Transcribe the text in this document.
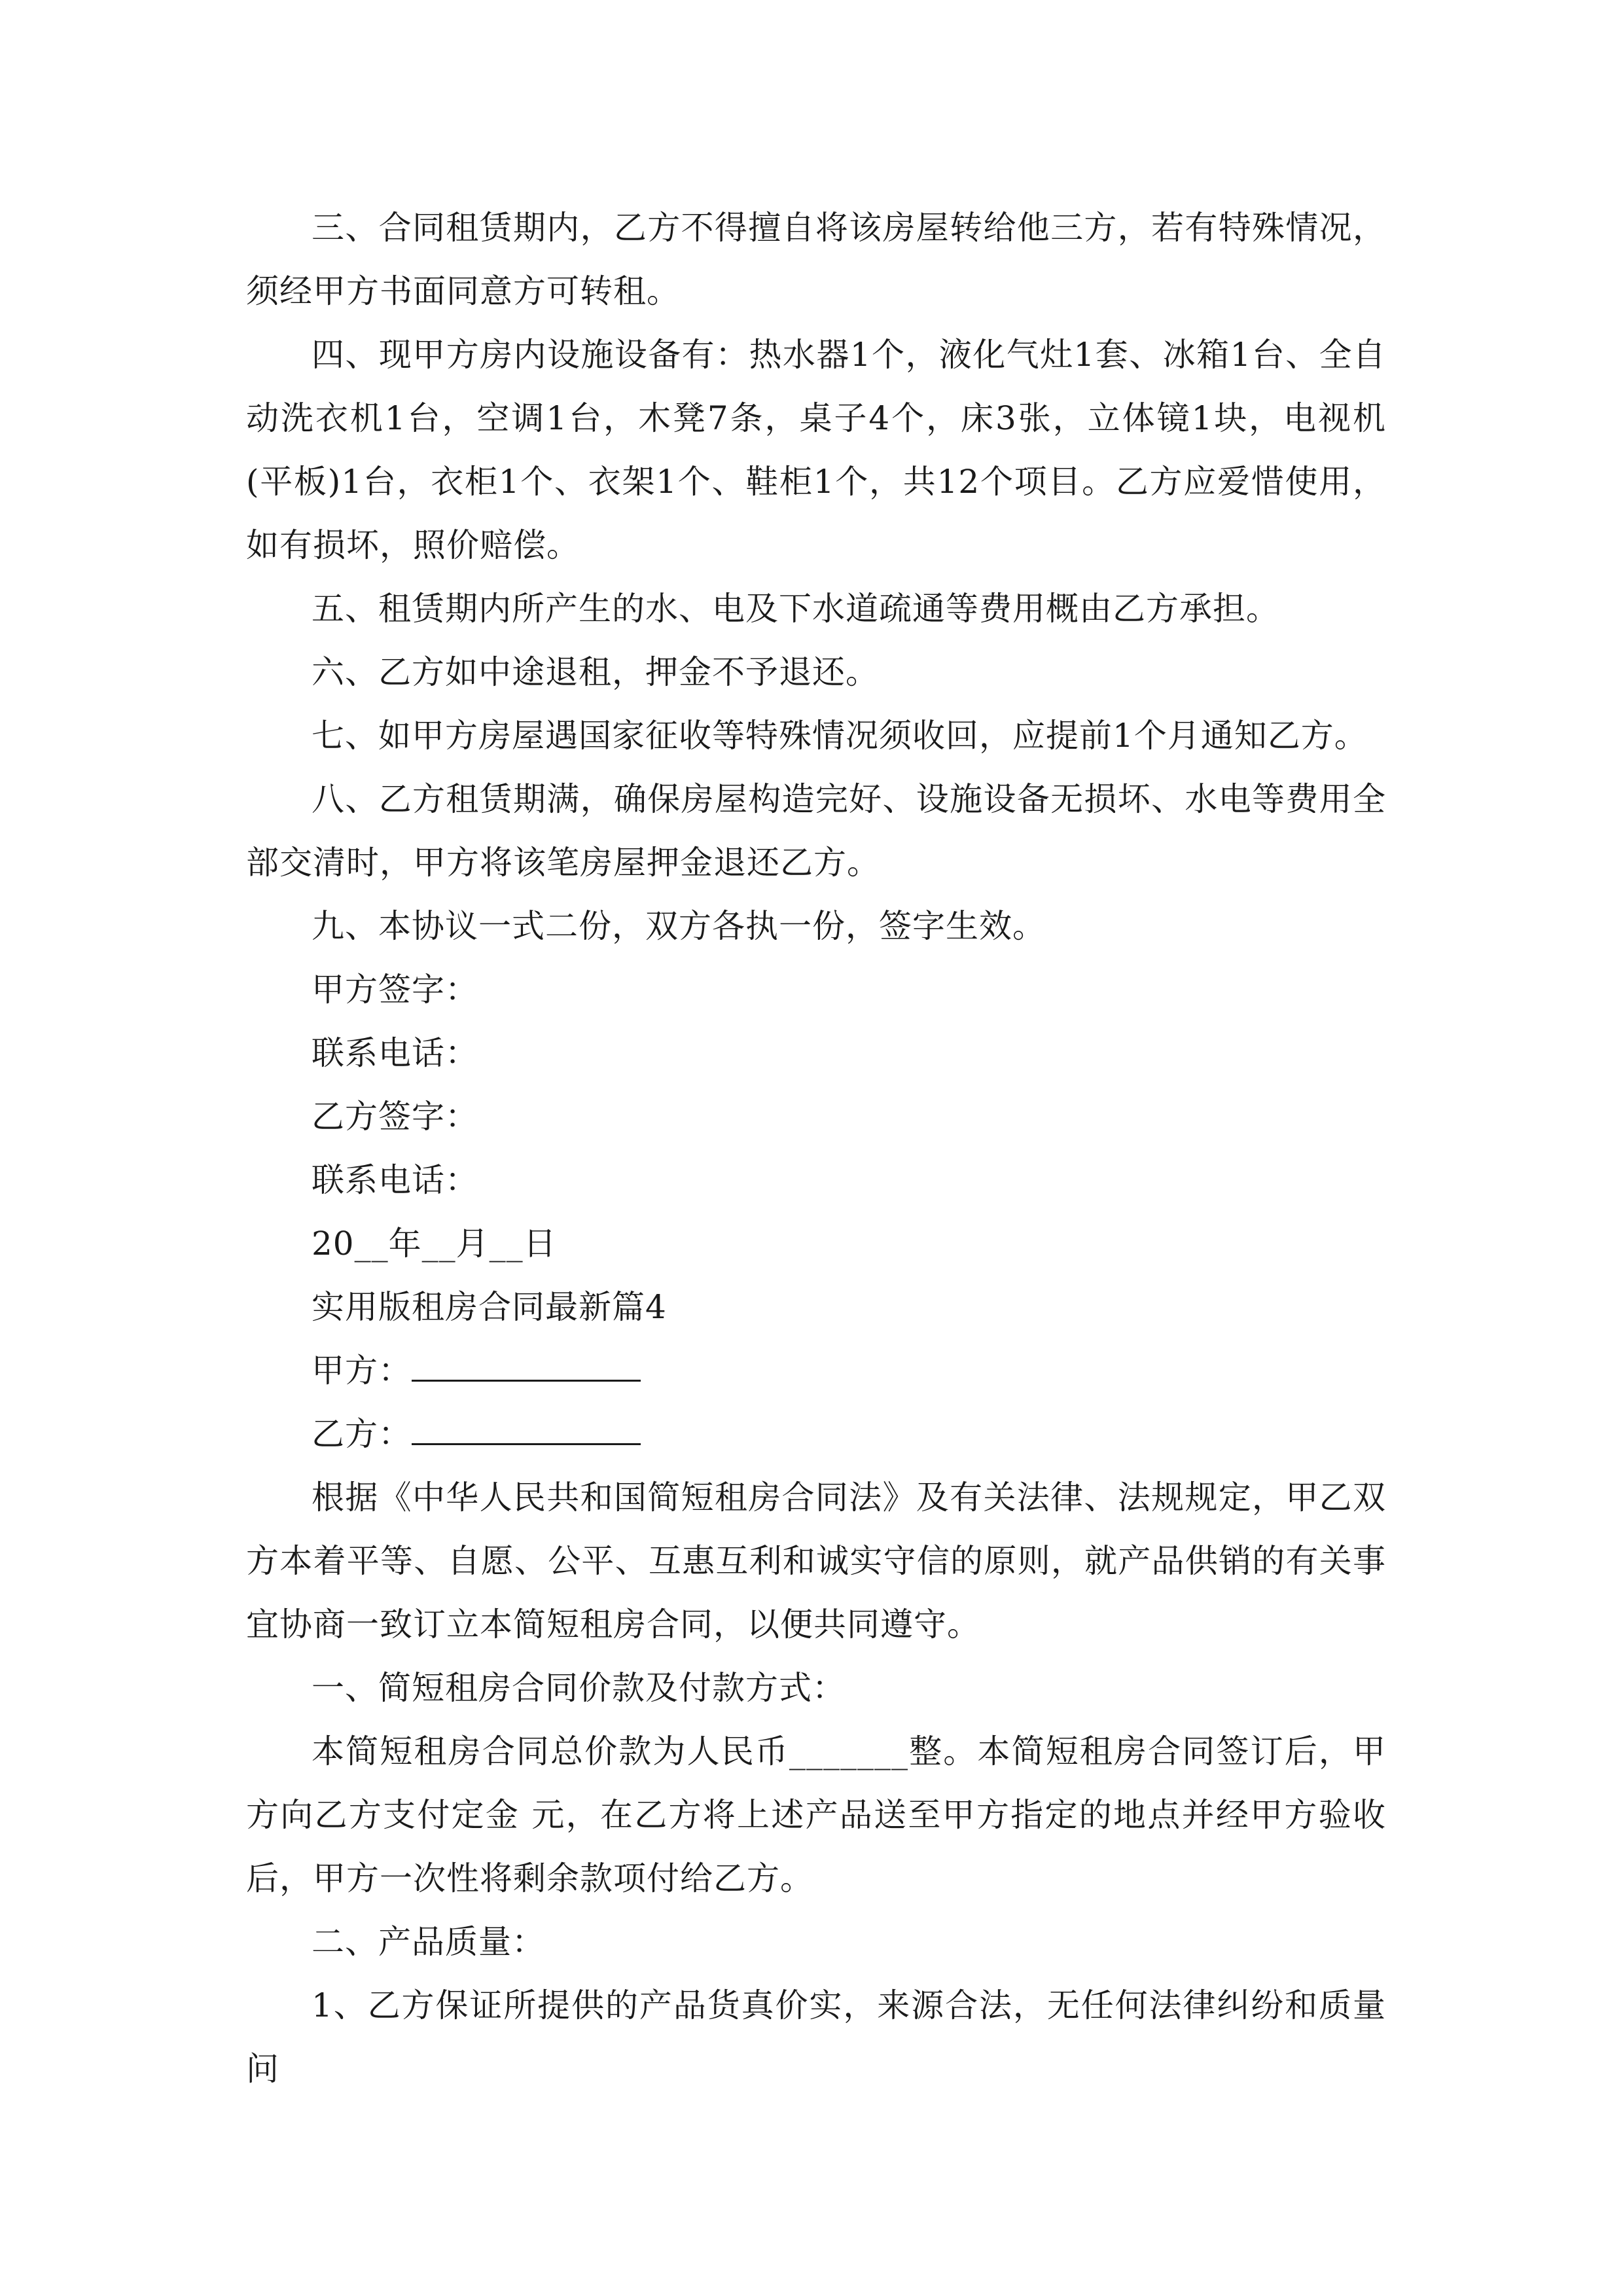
三、合同租赁期内，乙方不得擅自将该房屋转给他三方，若有特殊情况，须经甲方书面同意方可转租。

四、现甲方房内设施设备有：热水器1个，液化气灶1套、冰箱1台、全自动洗衣机1台，空调1台，木凳7条，桌子4个，床3张，立体镜1块，电视机(平板)1台，衣柜1个、衣架1个、鞋柜1个，共12个项目。乙方应爱惜使用，如有损坏，照价赔偿。

五、租赁期内所产生的水、电及下水道疏通等费用概由乙方承担。

六、乙方如中途退租，押金不予退还。

七、如甲方房屋遇国家征收等特殊情况须收回，应提前1个月通知乙方。

八、乙方租赁期满，确保房屋构造完好、设施设备无损坏、水电等费用全部交清时，甲方将该笔房屋押金退还乙方。

九、本协议一式二份，双方各执一份，签字生效。

甲方签字：

联系电话：

乙方签字：

联系电话：

20__年__月__日

实用版租房合同最新篇4

甲方：

乙方：

根据《中华人民共和国简短租房合同法》及有关法律、法规规定，甲乙双方本着平等、自愿、公平、互惠互利和诚实守信的原则，就产品供销的有关事宜协商一致订立本简短租房合同，以便共同遵守。

一、简短租房合同价款及付款方式：

本简短租房合同总价款为人民币_______整。本简短租房合同签订后，甲方向乙方支付定金 元，在乙方将上述产品送至甲方指定的地点并经甲方验收后，甲方一次性将剩余款项付给乙方。

二、产品质量：

1、乙方保证所提供的产品货真价实，来源合法，无任何法律纠纷和质量问
